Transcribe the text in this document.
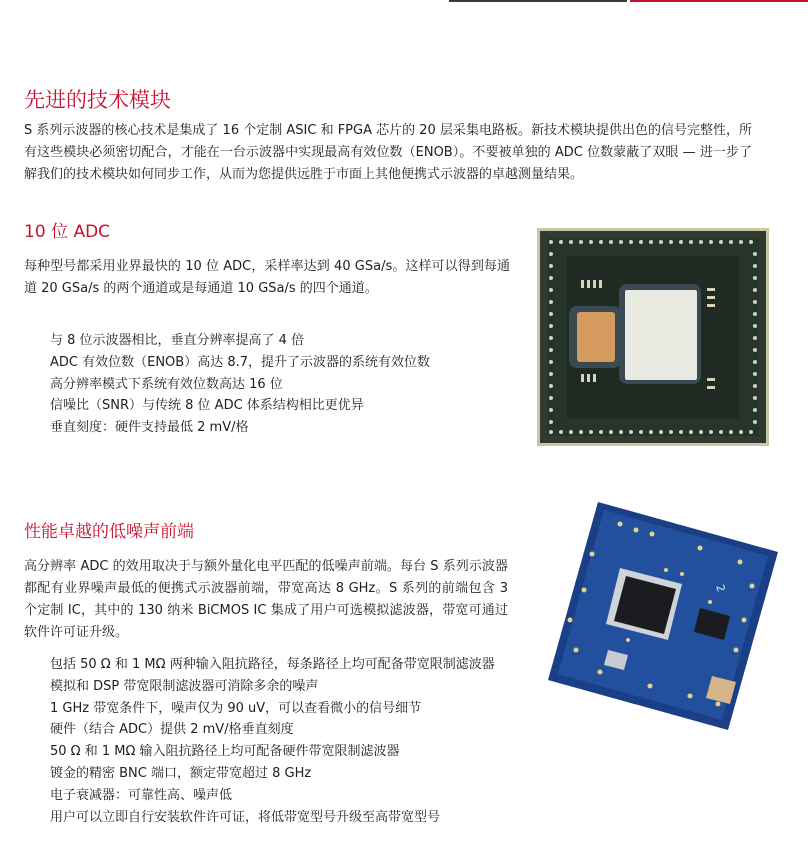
先进的技术模块

S 系列示波器的核心技术是集成了 16 个定制 ASIC 和 FPGA 芯片的 20 层采集电路板。新技术模块提供出色的信号完整性，所有这些模块必须密切配合，才能在一台示波器中实现最高有效位数（ENOB）。不要被单独的 ADC 位数蒙蔽了双眼 — 进一步了解我们的技术模块如何同步工作，从而为您提供远胜于市面上其他便携式示波器的卓越测量结果。

10 位 ADC

每种型号都采用业界最快的 10 位 ADC，采样率达到 40 GSa/s。这样可以得到每通道 20 GSa/s 的两个通道或是每通道 10 GSa/s 的四个通道。

与 8 位示波器相比，垂直分辨率提高了 4 倍
ADC 有效位数（ENOB）高达 8.7，提升了示波器的系统有效位数
高分辨率模式下系统有效位数高达 16 位
信噪比（SNR）与传统 8 位 ADC 体系结构相比更优异
垂直刻度：硬件支持最低 2 mV/格
性能卓越的低噪声前端

高分辨率 ADC 的效用取决于与额外量化电平匹配的低噪声前端。每台 S 系列示波器都配有业界噪声最低的便携式示波器前端，带宽高达 8 GHz。S 系列的前端包含 3 个定制 IC，其中的 130 纳米 BiCMOS IC 集成了用户可选模拟滤波器，带宽可通过软件许可证升级。

包括 50 Ω 和 1 MΩ 两种输入阻抗路径，每条路径上均可配备带宽限制滤波器
模拟和 DSP 带宽限制滤波器可消除多余的噪声
1 GHz 带宽条件下，噪声仅为 90 uV，可以查看微小的信号细节
硬件（结合 ADC）提供 2 mV/格垂直刻度
50 Ω 和 1 MΩ 输入阻抗路径上均可配备硬件带宽限制滤波器
镀金的精密 BNC 端口，额定带宽超过 8 GHz
电子衰减器：可靠性高、噪声低
用户可以立即自行安装软件许可证，将低带宽型号升级至高带宽型号
2
